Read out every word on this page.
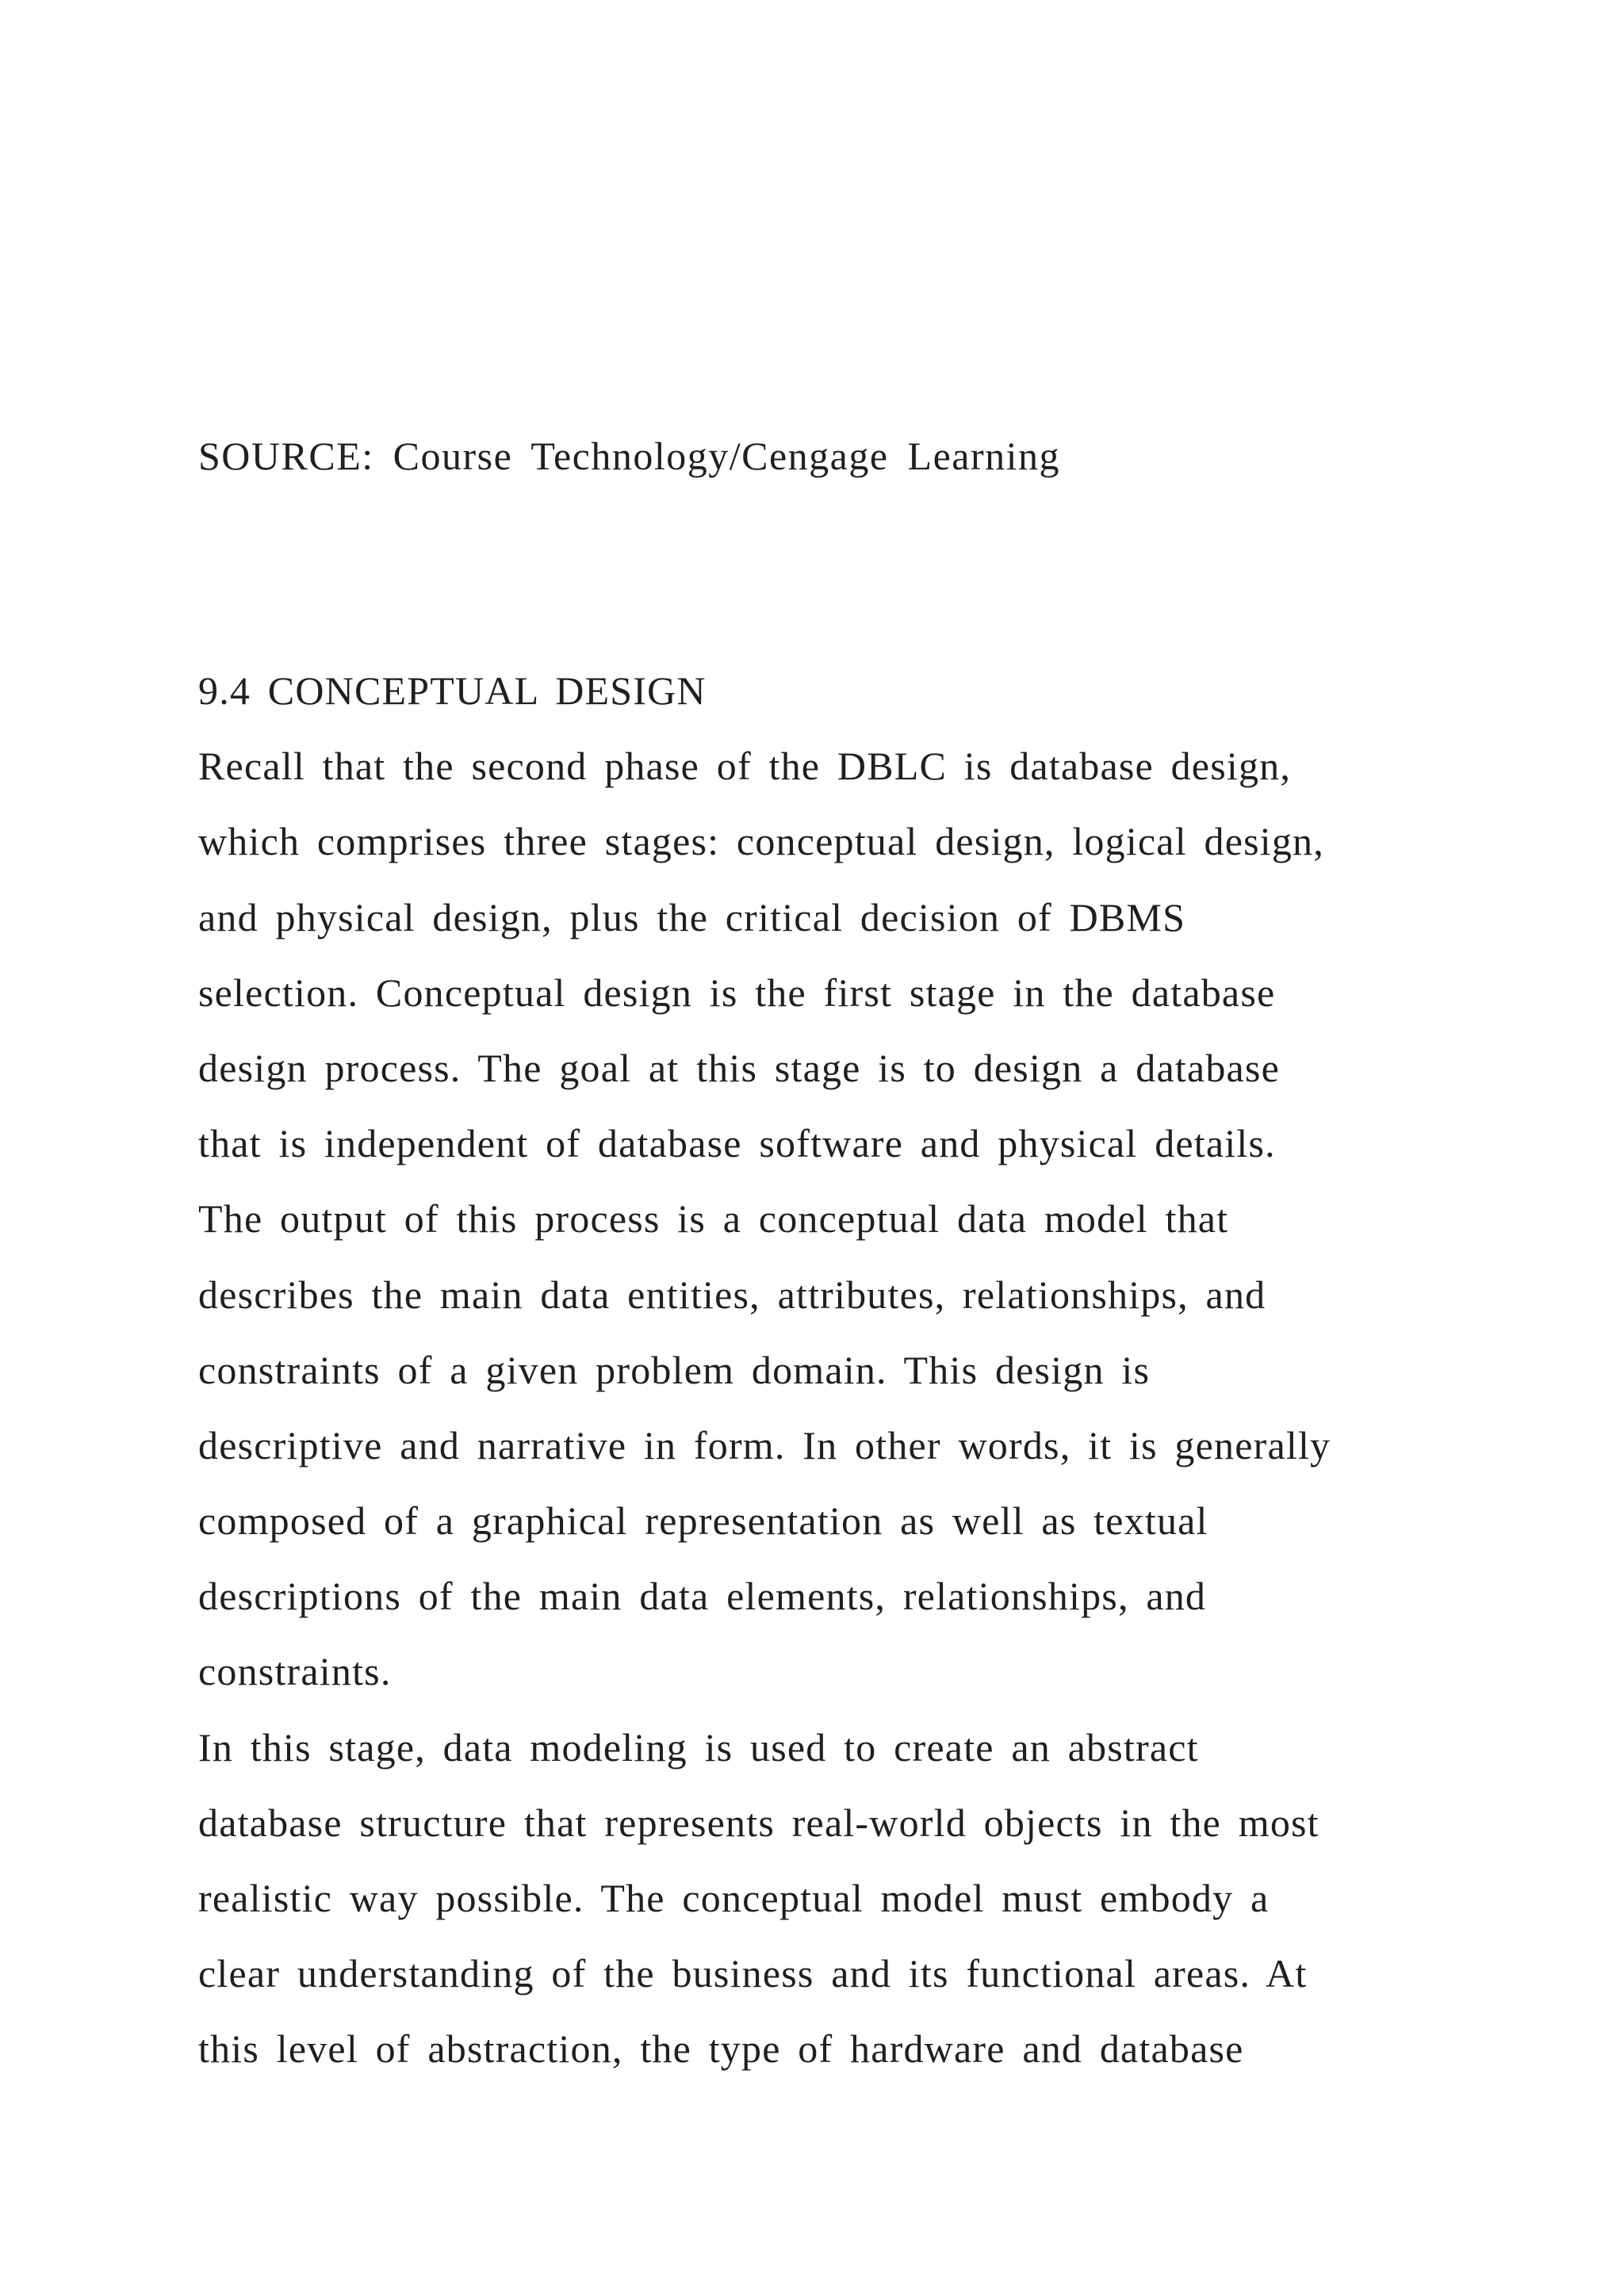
SOURCE: Course Technology/Cengage Learning
9.4 CONCEPTUAL DESIGN
Recall that the second phase of the DBLC is database design,
which comprises three stages: conceptual design, logical design,
and physical design, plus the critical decision of DBMS
selection. Conceptual design is the first stage in the database
design process. The goal at this stage is to design a database
that is independent of database software and physical details.
The output of this process is a conceptual data model that
describes the main data entities, attributes, relationships, and
constraints of a given problem domain. This design is
descriptive and narrative in form. In other words, it is generally
composed of a graphical representation as well as textual
descriptions of the main data elements, relationships, and
constraints.
In this stage, data modeling is used to create an abstract
database structure that represents real-world objects in the most
realistic way possible. The conceptual model must embody a
clear understanding of the business and its functional areas. At
this level of abstraction, the type of hardware and database
